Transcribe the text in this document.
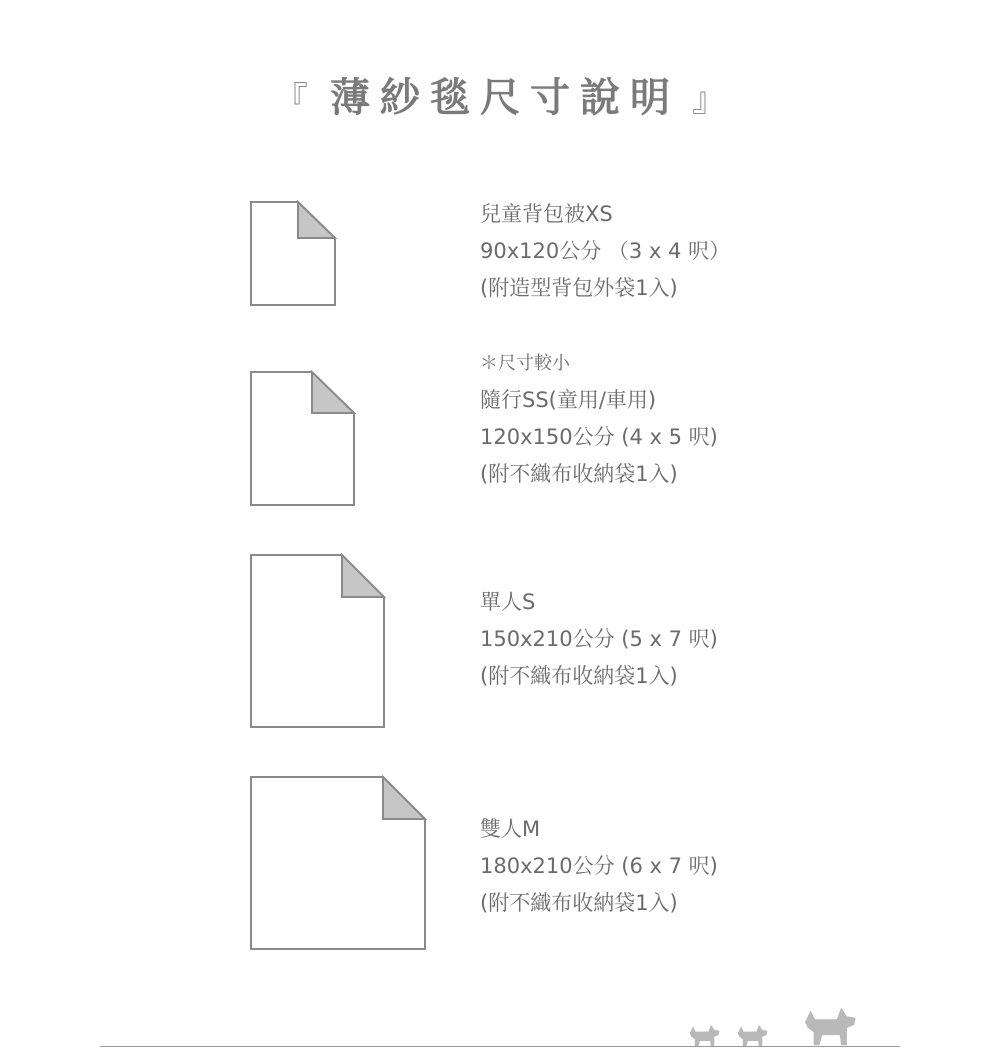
『 薄紗毯尺寸說明 』
兒童背包被XS
90x120公分 （3 x 4 呎）
(附造型背包外袋1入)
＊尺寸較小
隨行SS(童用/車用)
120x150公分 (4 x 5 呎)
(附不織布收納袋1入)
單人S
150x210公分 (5 x 7 呎)
(附不織布收納袋1入)
雙人M
180x210公分 (6 x 7 呎)
(附不織布收納袋1入)
